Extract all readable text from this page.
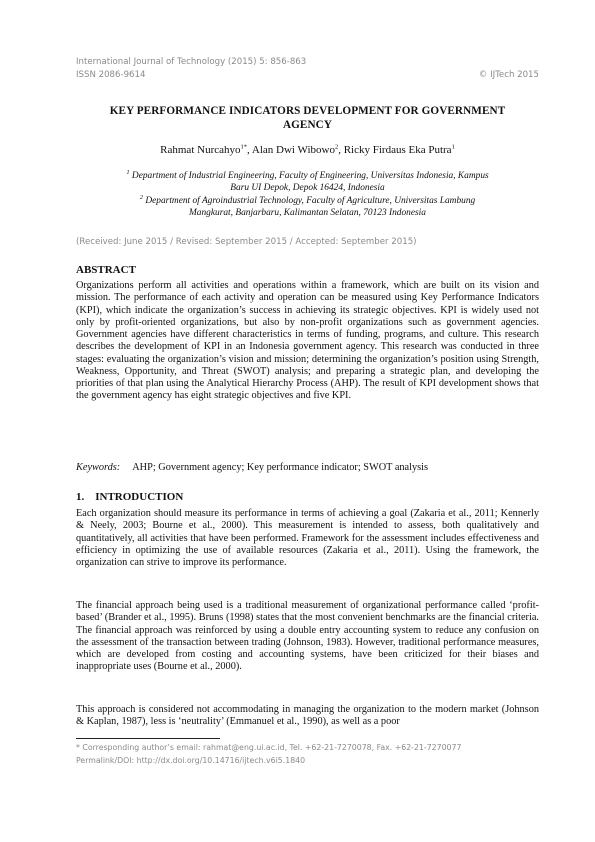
International Journal of Technology (2015) 5: 856-863
ISSN 2086-9614	© IJTech 2015
KEY PERFORMANCE INDICATORS DEVELOPMENT FOR GOVERNMENT
AGENCY
Rahmat Nurcahyo$^{1*}$, Alan Dwi Wibowo$^2$, Ricky Firdaus Eka Putra$^1$
$^1$ Department of Industrial Engineering, Faculty of Engineering, Universitas Indonesia, Kampus
Baru UI Depok, Depok 16424, Indonesia
$^2$ Department of Agroindustrial Technology, Faculty of Agriculture, Universitas Lambung
Mangkurat, Banjarbaru, Kalimantan Selatan, 70123 Indonesia
(Received: June 2015 / Revised: September 2015 / Accepted: September 2015)
ABSTRACT

Organizations perform all activities and operations within a framework, which are built on its vision and mission. The performance of each activity and operation can be measured using Key Performance Indicators (KPI), which indicate the organization’s success in achieving its strategic objectives. KPI is widely used not only by profit-oriented organizations, but also by non-profit organizations such as government agencies. Government agencies have different characteristics in terms of funding, programs, and culture. This research describes the development of KPI in an Indonesia government agency. This research was conducted in three stages: evaluating the organization’s vision and mission; determining the organization’s position using Strength, Weakness, Opportunity, and Threat (SWOT) analysis; and preparing a strategic plan, and developing the priorities of that plan using the Analytical Hierarchy Process (AHP). The result of KPI development shows that the government agency has eight strategic objectives and five KPI.

Keywords: AHP; Government agency; Key performance indicator; SWOT analysis
1.    INTRODUCTION

Each organization should measure its performance in terms of achieving a goal (Zakaria et al., 2011; Kennerly & Neely, 2003; Bourne et al., 2000). This measurement is intended to assess, both qualitatively and quantitatively, all activities that have been performed. Framework for the assessment includes effectiveness and efficiency in optimizing the use of available resources (Zakaria et al., 2011). Using the framework, the organization can strive to improve its performance.

The financial approach being used is a traditional measurement of organizational performance called ‘profit-based’ (Brander et al., 1995). Bruns (1998) states that the most convenient benchmarks are the financial criteria. The financial approach was reinforced by using a double entry accounting system to reduce any confusion on the assessment of the transaction between trading (Johnson, 1983). However, traditional performance measures, which are developed from costing and accounting systems, have been criticized for their biases and inappropriate uses (Bourne et al., 2000).

This approach is considered not accommodating in managing the organization to the modern market (Johnson & Kaplan, 1987), less is ‘neutrality’ (Emmanuel et al., 1990), as well as a poor

* Corresponding author’s email: rahmat@eng.ui.ac.id, Tel. +62-21-7270078, Fax. +62-21-7270077
Permalink/DOI: http://dx.doi.org/10.14716/ijtech.v6i5.1840
